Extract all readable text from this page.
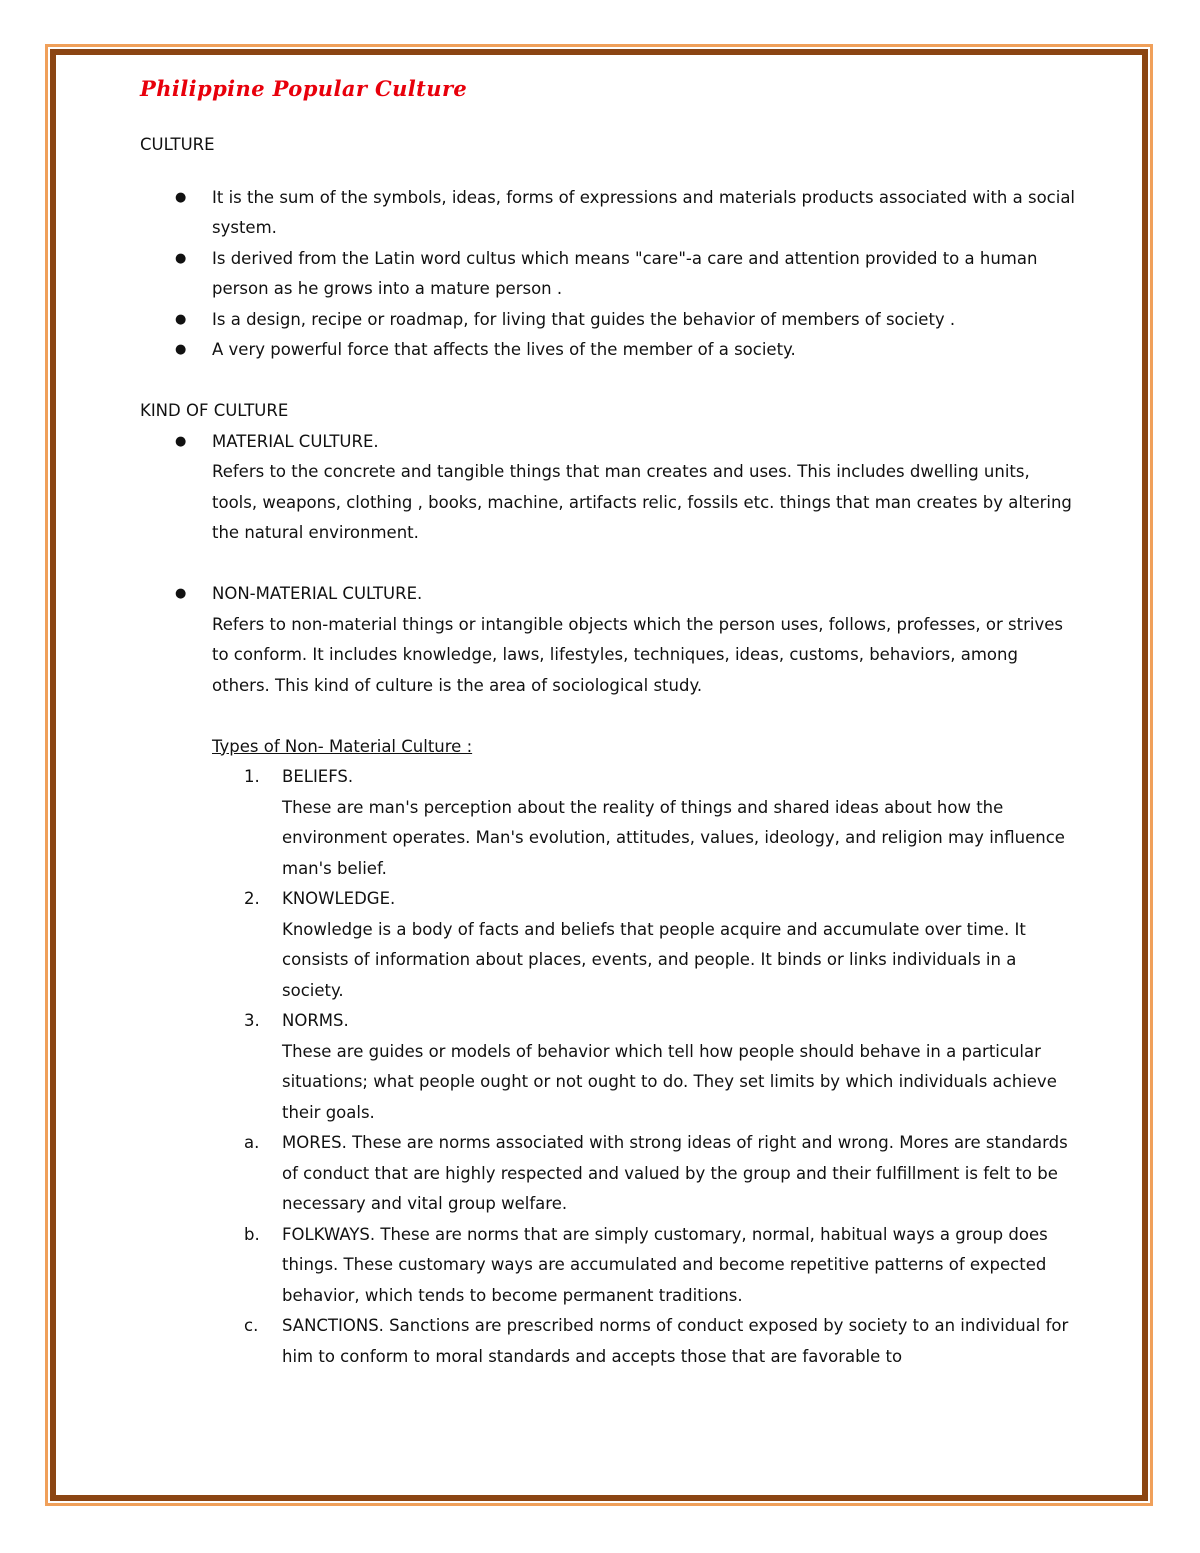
Philippine Popular Culture
CULTURE
● It is the sum of the symbols, ideas, forms of expressions and materials products associated with a social system.
● Is derived from the Latin word cultus which means "care"-a care and attention provided to a human person as he grows into a mature person .
● Is a design, recipe or roadmap, for living that guides the behavior of members of society .
● A very powerful force that affects the lives of the member of a society.
KIND OF CULTURE
● MATERIAL CULTURE.
Refers to the concrete and tangible things that man creates and uses. This includes dwelling units, tools, weapons, clothing , books, machine, artifacts relic, fossils etc. things that man creates by altering the natural environment.
● NON-MATERIAL CULTURE.
Refers to non-material things or intangible objects which the person uses, follows, professes, or strives to conform. It includes knowledge, laws, lifestyles, techniques, ideas, customs, behaviors, among others. This kind of culture is the area of sociological study.
Types of Non- Material Culture :
1. BELIEFS.
These are man's perception about the reality of things and shared ideas about how the environment operates. Man's evolution, attitudes, values, ideology, and religion may influence man's belief.
2. KNOWLEDGE.
Knowledge is a body of facts and beliefs that people acquire and accumulate over time. It consists of information about places, events, and people. It binds or links individuals in a society.
3. NORMS.
These are guides or models of behavior which tell how people should behave in a particular situations; what people ought or not ought to do. They set limits by which individuals achieve their goals.
a. MORES. These are norms associated with strong ideas of right and wrong. Mores are standards of conduct that are highly respected and valued by the group and their fulfillment is felt to be necessary and vital group welfare.
b. FOLKWAYS. These are norms that are simply customary, normal, habitual ways a group does things. These customary ways are accumulated and become repetitive patterns of expected behavior, which tends to become permanent traditions.
c. SANCTIONS. Sanctions are prescribed norms of conduct exposed by society to an individual for him to conform to moral standards and accepts those that are favorable to
